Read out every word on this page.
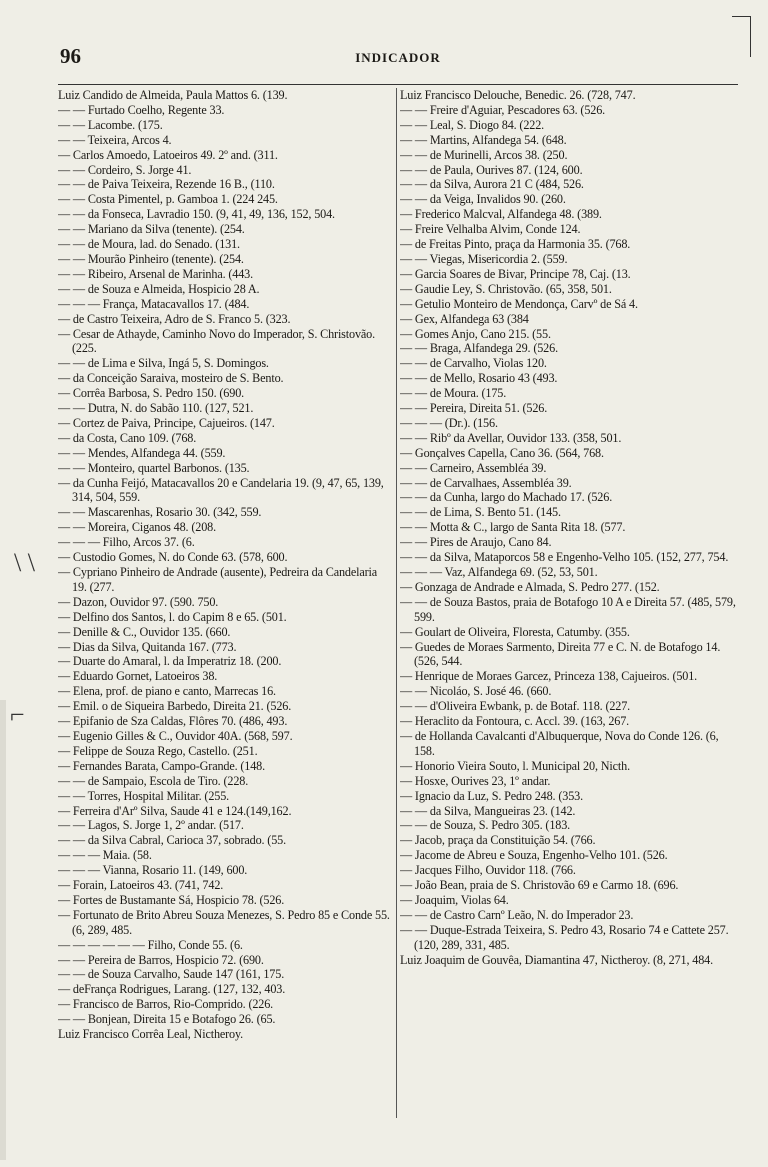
\ \
⌐
96	INDICADOR
Luiz Candido de Almeida, Paula Mattos 6. (139.
— — Furtado Coelho, Regente 33.
— — Lacombe. (175.
— — Teixeira, Arcos 4.
— Carlos Amoedo, Latoeiros 49. 2º and. (311.
— — Cordeiro, S. Jorge 41.
— — de Paiva Teixeira, Rezende 16 B., (110.
— — Costa Pimentel, p. Gamboa 1. (224 245.
— — da Fonseca, Lavradio 150. (9, 41, 49, 136, 152, 504.
— — Mariano da Silva (tenente). (254.
— — de Moura, lad. do Senado. (131.
— — Mourão Pinheiro (tenente). (254.
— — Ribeiro, Arsenal de Marinha. (443.
— — de Souza e Almeida, Hospicio 28 A.
— — — França, Matacavallos 17. (484.
— de Castro Teixeira, Adro de S. Franco 5. (323.
— Cesar de Athayde, Caminho Novo do Imperador, S. Christovão. (225.
— — de Lima e Silva, Ingá 5, S. Domingos.
— da Conceição Saraiva, mosteiro de S. Bento.
— Corrêa Barbosa, S. Pedro 150. (690.
— — Dutra, N. do Sabão 110. (127, 521.
— Cortez de Paiva, Principe, Cajueiros. (147.
— da Costa, Cano 109. (768.
— — Mendes, Alfandega 44. (559.
— — Monteiro, quartel Barbonos. (135.
— da Cunha Feijó, Matacavallos 20 e Candelaria 19. (9, 47, 65, 139, 314, 504, 559.
— — Mascarenhas, Rosario 30. (342, 559.
— — Moreira, Ciganos 48. (208.
— — — Filho, Arcos 37. (6.
— Custodio Gomes, N. do Conde 63. (578, 600.
— Cypriano Pinheiro de Andrade (ausente), Pedreira da Candelaria 19. (277.
— Dazon, Ouvidor 97. (590. 750.
— Delfino dos Santos, l. do Capim 8 e 65. (501.
— Denille & C., Ouvidor 135. (660.
— Dias da Silva, Quitanda 167. (773.
— Duarte do Amaral, l. da Imperatriz 18. (200.
— Eduardo Gornet, Latoeiros 38.
— Elena, prof. de piano e canto, Marrecas 16.
— Emil. o de Siqueira Barbedo, Direita 21. (526.
— Epifanio de Sza Caldas, Flôres 70. (486, 493.
— Eugenio Gilles & C., Ouvidor 40A. (568, 597.
— Felippe de Souza Rego, Castello. (251.
— Fernandes Barata, Campo-Grande. (148.
— — de Sampaio, Escola de Tiro. (228.
— — Torres, Hospital Militar. (255.
— Ferreira d'Arº Silva, Saude 41 e 124.(149,162.
— — Lagos, S. Jorge 1, 2º andar. (517.
— — da Silva Cabral, Carioca 37, sobrado. (55.
— — — Maia. (58.
— — — Vianna, Rosario 11. (149, 600.
— Forain, Latoeiros 43. (741, 742.
— Fortes de Bustamante Sá, Hospicio 78. (526.
— Fortunato de Brito Abreu Souza Menezes, S. Pedro 85 e Conde 55. (6, 289, 485.
— — — — — — Filho, Conde 55. (6.
— — Pereira de Barros, Hospicio 72. (690.
— — de Souza Carvalho, Saude 147 (161, 175.
— deFrança Rodrigues, Larang. (127, 132, 403.
— Francisco de Barros, Rio-Comprido. (226.
— — Bonjean, Direita 15 e Botafogo 26. (65.
Luiz Francisco Corrêa Leal, Nictheroy.
Luiz Francisco Delouche, Benedic. 26. (728, 747.
— — Freire d'Aguiar, Pescadores 63. (526.
— — Leal, S. Diogo 84. (222.
— — Martins, Alfandega 54. (648.
— — de Murinelli, Arcos 38. (250.
— — de Paula, Ourives 87. (124, 600.
— — da Silva, Aurora 21 C (484, 526.
— — da Veiga, Invalidos 90. (260.
— Frederico Malcval, Alfandega 48. (389.
— Freire Velhalba Alvim, Conde 124.
— de Freitas Pinto, praça da Harmonia 35. (768.
— — Viegas, Misericordia 2. (559.
— Garcia Soares de Bivar, Principe 78, Caj. (13.
— Gaudie Ley, S. Christovão. (65, 358, 501.
— Getulio Monteiro de Mendonça, Carvº de Sá 4.
— Gex, Alfandega 63 (384
— Gomes Anjo, Cano 215. (55.
— — Braga, Alfandega 29. (526.
— — de Carvalho, Violas 120.
— — de Mello, Rosario 43 (493.
— — de Moura. (175.
— — Pereira, Direita 51. (526.
— — — (Dr.). (156.
— — Ribº da Avellar, Ouvidor 133. (358, 501.
— Gonçalves Capella, Cano 36. (564, 768.
— — Carneiro, Assembléa 39.
— — de Carvalhaes, Assembléa 39.
— — da Cunha, largo do Machado 17. (526.
— — de Lima, S. Bento 51. (145.
— — Motta & C., largo de Santa Rita 18. (577.
— — Pires de Araujo, Cano 84.
— — da Silva, Mataporcos 58 e Engenho-Velho 105. (152, 277, 754.
— — — Vaz, Alfandega 69. (52, 53, 501.
— Gonzaga de Andrade e Almada, S. Pedro 277. (152.
— — de Souza Bastos, praia de Botafogo 10 A e Direita 57. (485, 579, 599.
— Goulart de Oliveira, Floresta, Catumby. (355.
— Guedes de Moraes Sarmento, Direita 77 e C. N. de Botafogo 14. (526, 544.
— Henrique de Moraes Garcez, Princeza 138, Cajueiros. (501.
— — Nicoláo, S. José 46. (660.
— — d'Oliveira Ewbank, p. de Botaf. 118. (227.
— Heraclito da Fontoura, c. Accl. 39. (163, 267.
— de Hollanda Cavalcanti d'Albuquerque, Nova do Conde 126. (6, 158.
— Honorio Vieira Souto, l. Municipal 20, Nicth.
— Hosxe, Ourives 23, 1º andar.
— Ignacio da Luz, S. Pedro 248. (353.
— — da Silva, Mangueiras 23. (142.
— — de Souza, S. Pedro 305. (183.
— Jacob, praça da Constituição 54. (766.
— Jacome de Abreu e Souza, Engenho-Velho 101. (526.
— Jacques Filho, Ouvidor 118. (766.
— João Bean, praia de S. Christovão 69 e Carmo 18. (696.
— Joaquim, Violas 64.
— — de Castro Carnº Leão, N. do Imperador 23.
— — Duque-Estrada Teixeira, S. Pedro 43, Rosario 74 e Cattete 257. (120, 289, 331, 485.
Luiz Joaquim de Gouvêa, Diamantina 47, Nictheroy. (8, 271, 484.
